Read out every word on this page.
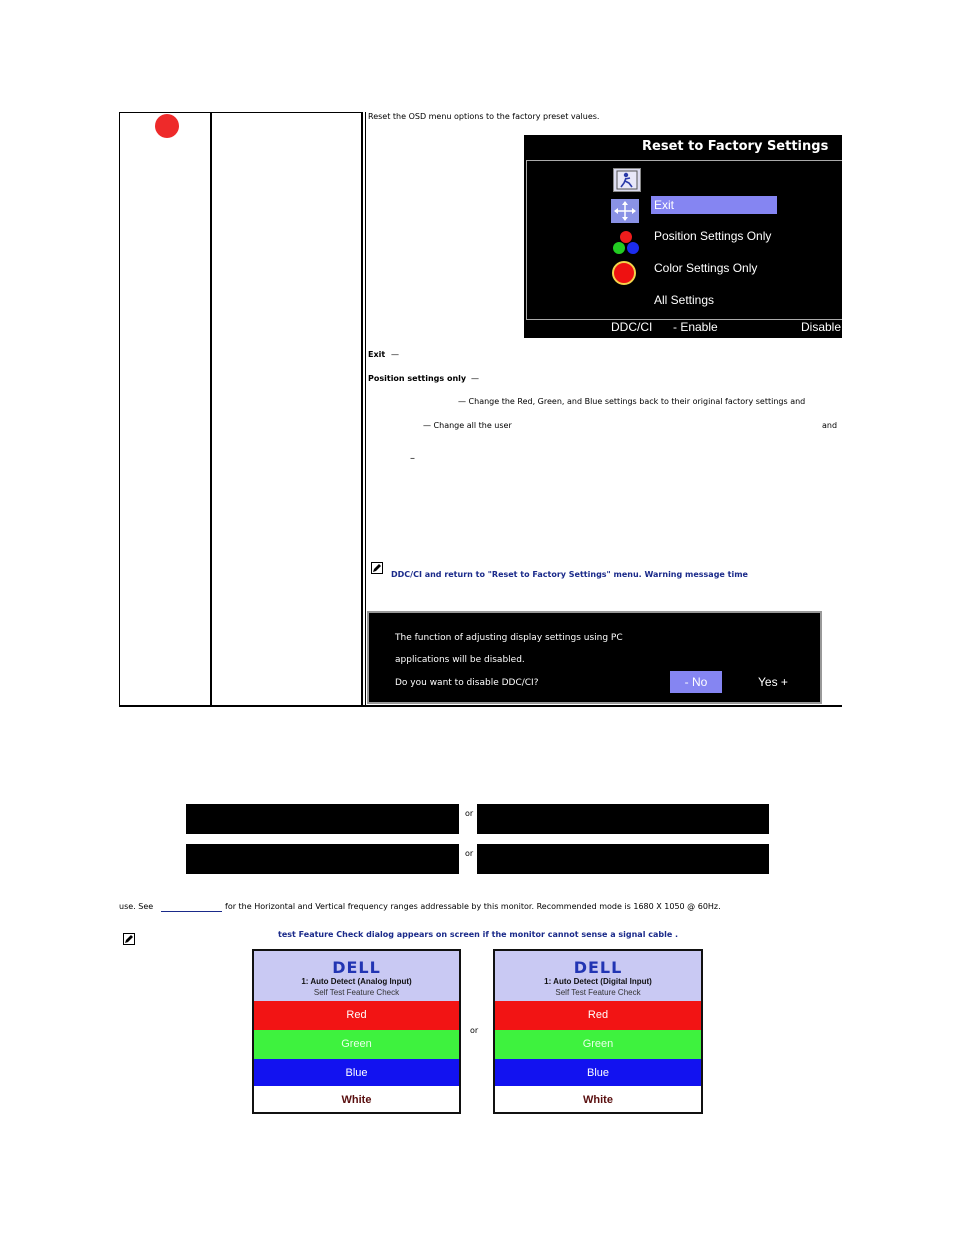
Reset the OSD menu options to the factory preset values.
Reset to Factory Settings
Exit
Position Settings Only
Color Settings Only
All Settings
DDC/CI - Enable	Disable
Exit —
Position settings only —
— Change the Red, Green, and Blue settings back to their original factory settings and
— Change all the user	and
–
DDC/CI and return to "Reset to Factory Settings" menu. Warning message time
The function of adjusting display settings using PC
applications will be disabled.
Do you want to disable DDC/CI?	- No	Yes +
or
or
use. See	for the Horizontal and Vertical frequency ranges addressable by this monitor. Recommended mode is 1680 X 1050 @ 60Hz.
test Feature Check dialog appears on screen if the monitor cannot sense a signal cable .
DELL
1: Auto Detect (Analog Input)
Self Test Feature Check
Red
Green
Blue
White
or
DELL
1: Auto Detect (Digital Input)
Self Test Feature Check
Red
Green
Blue
White
